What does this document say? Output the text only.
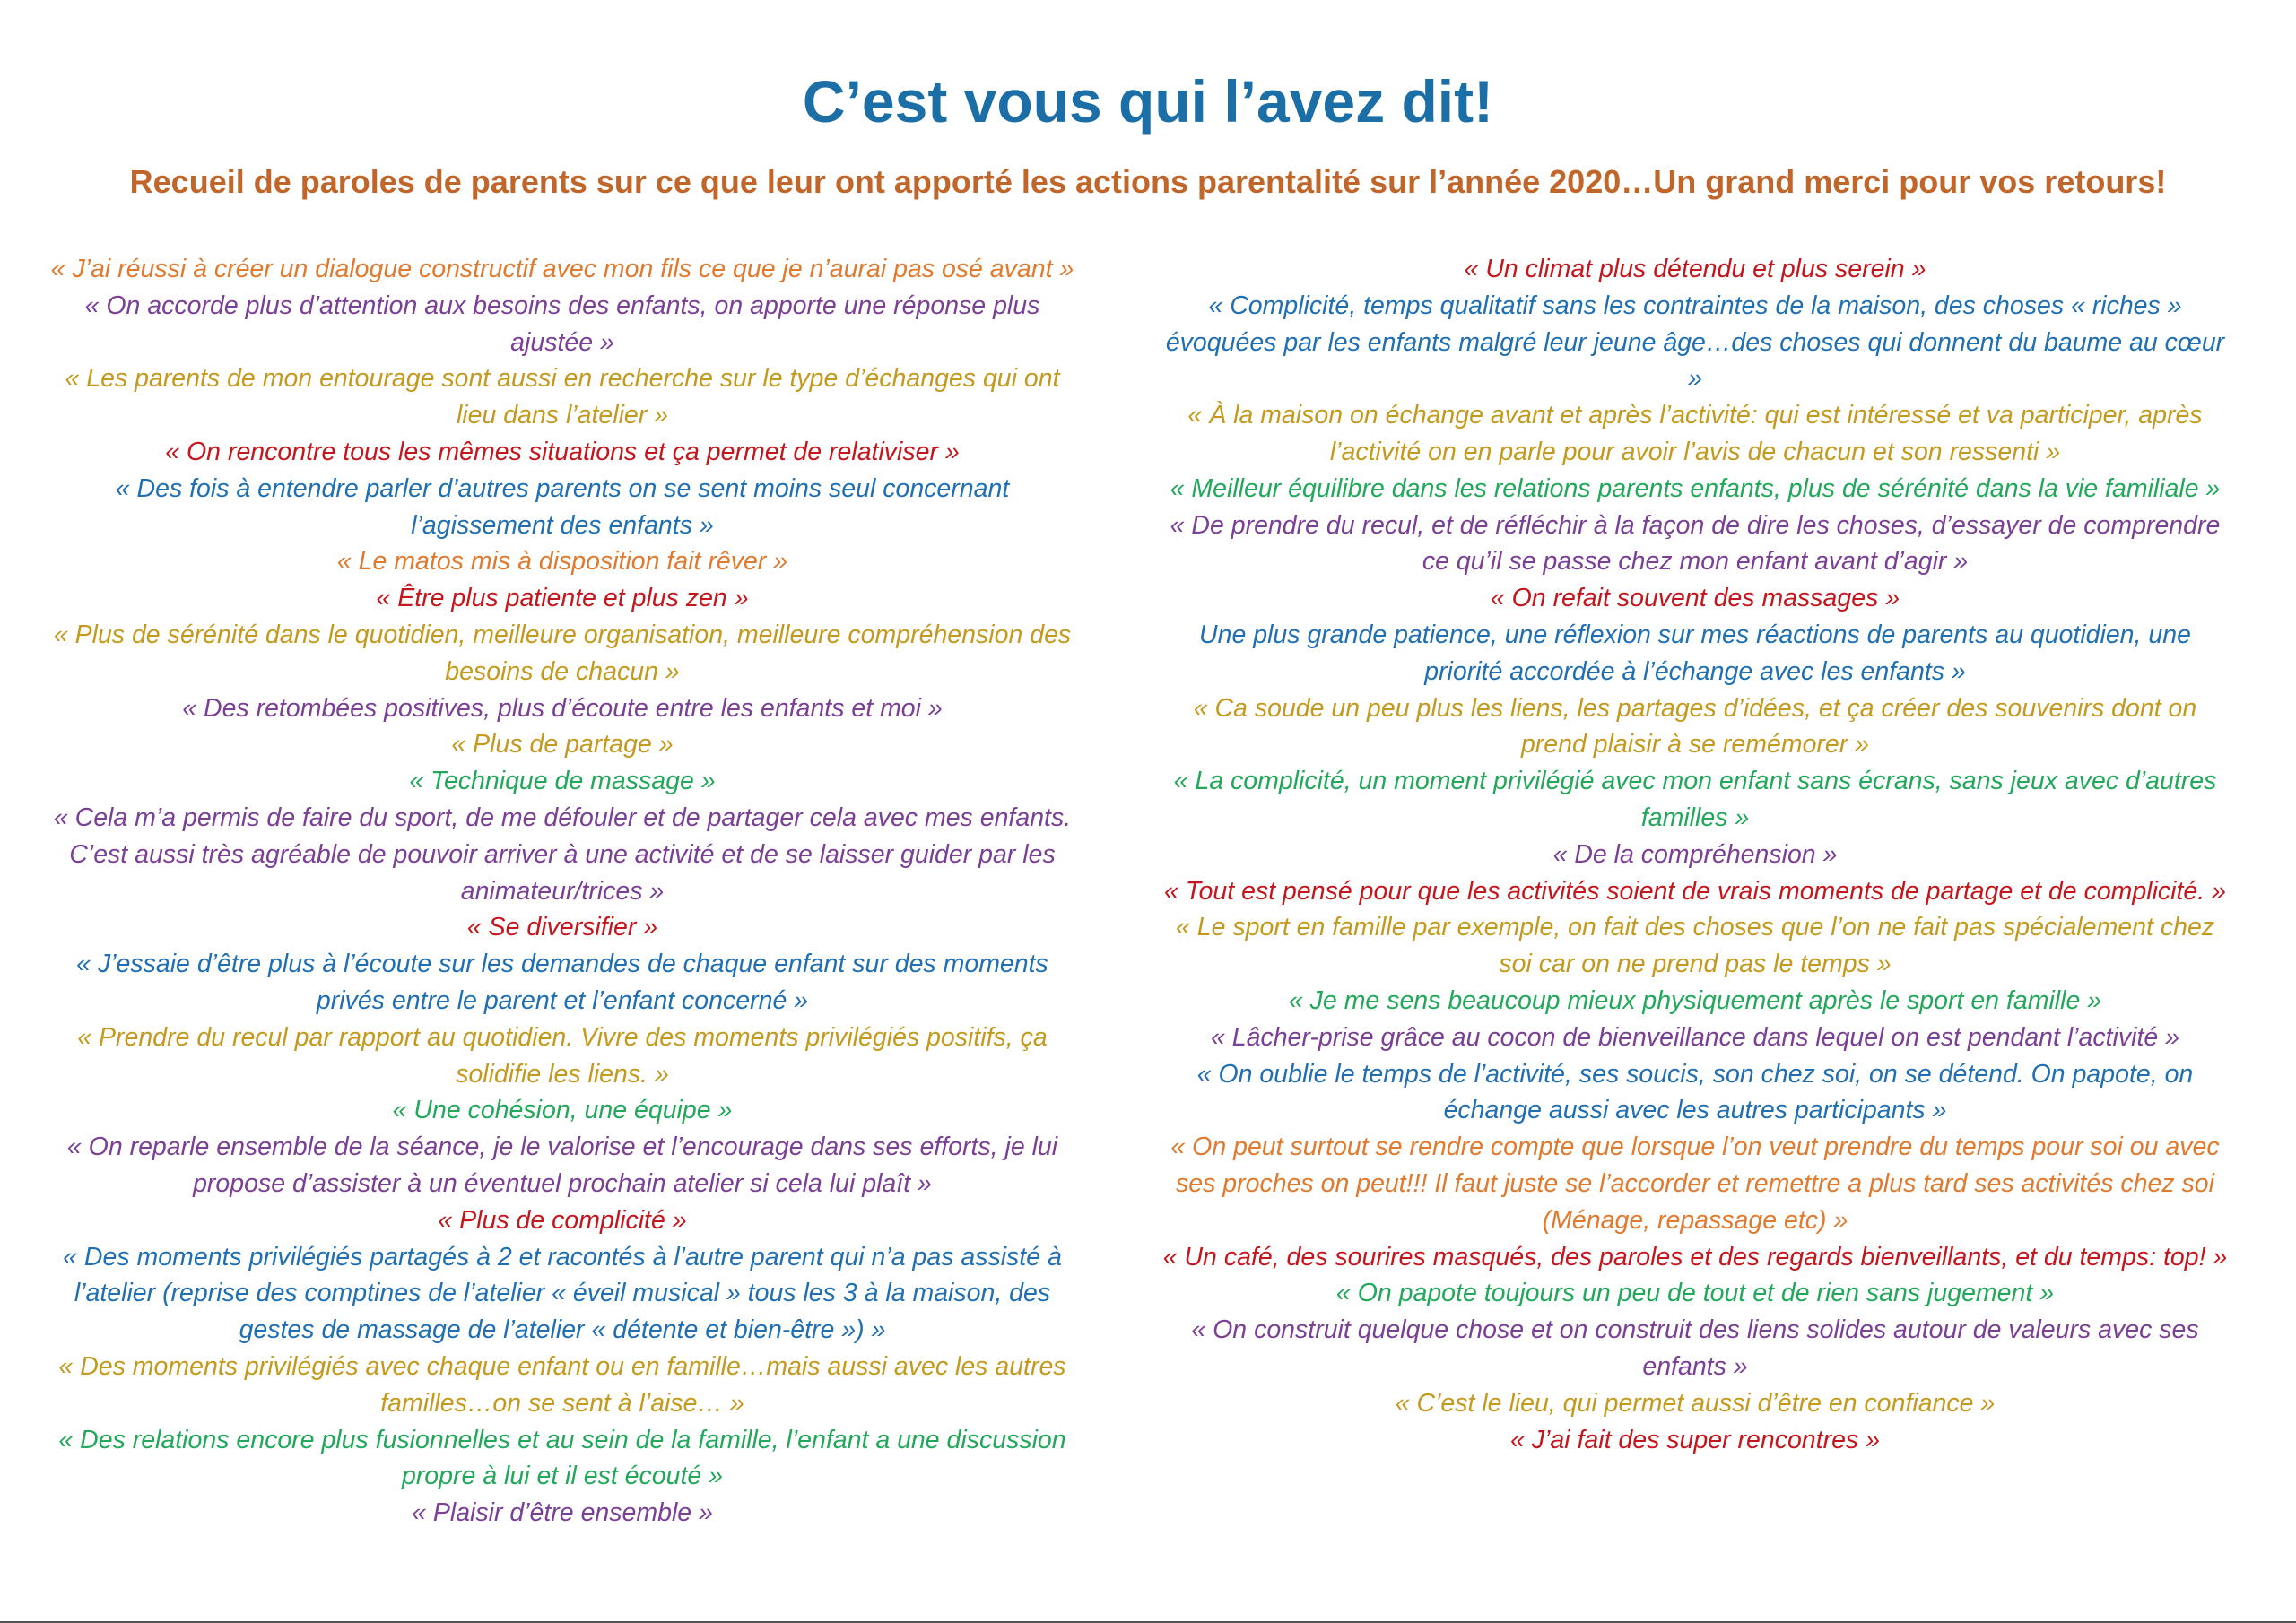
C’est vous qui l’avez dit!
Recueil de paroles de parents sur ce que leur ont apporté les actions parentalité sur l’année 2020…Un grand merci pour vos retours!

« J’ai réussi à créer un dialogue constructif avec mon fils ce que je n’aurai pas osé avant »

« On accorde plus d’attention aux besoins des enfants, on apporte une réponse plus ajustée »

« Les parents de mon entourage sont aussi en recherche sur le type d’échanges qui ont lieu dans l’atelier »

« On rencontre tous les mêmes situations et ça permet de relativiser »

« Des fois à entendre parler d’autres parents on se sent moins seul concernant l’agissement des enfants »

« Le matos mis à disposition fait rêver »

« Être plus patiente et plus zen »

« Plus de sérénité dans le quotidien, meilleure organisation, meilleure compréhension des besoins de chacun »

« Des retombées positives, plus d’écoute entre les enfants et moi »

« Plus de partage »

« Technique de massage »

« Cela m’a permis de faire du sport, de me défouler et de partager cela avec mes enfants. C’est aussi très agréable de pouvoir arriver à une activité et de se laisser guider par les animateur/trices »

« Se diversifier »

« J’essaie d’être plus à l’écoute sur les demandes de chaque enfant sur des moments privés entre le parent et l’enfant concerné »

« Prendre du recul par rapport au quotidien. Vivre des moments privilégiés positifs, ça solidifie les liens. »

« Une cohésion, une équipe »

« On reparle ensemble de la séance, je le valorise et l’encourage dans ses efforts, je lui propose d’assister à un éventuel prochain atelier si cela lui plaît »

« Plus de complicité »

« Des moments privilégiés partagés à 2 et racontés à l’autre parent qui n’a pas assisté à l’atelier (reprise des comptines de l’atelier « éveil musical » tous les 3 à la maison, des gestes de massage de l’atelier « détente et bien-être ») »

« Des moments privilégiés avec chaque enfant ou en famille…mais aussi avec les autres familles…on se sent à l’aise… »

« Des relations encore plus fusionnelles et au sein de la famille, l’enfant a une discussion propre à lui et il est écouté »

« Plaisir d’être ensemble »

« Un climat plus détendu et plus serein »

« Complicité, temps qualitatif sans les contraintes de la maison, des choses « riches » évoquées par les enfants malgré leur jeune âge…des choses qui donnent du baume au cœur »

« À la maison on échange avant et après l’activité: qui est intéressé et va participer, après l’activité on en parle pour avoir l’avis de chacun et son ressenti »

« Meilleur équilibre dans les relations parents enfants, plus de sérénité dans la vie familiale »

« De prendre du recul, et de réfléchir à la façon de dire les choses, d’essayer de comprendre ce qu’il se passe chez mon enfant avant d’agir »

« On refait souvent des massages »

Une plus grande patience, une réflexion sur mes réactions de parents au quotidien, une priorité accordée à l’échange avec les enfants »

« Ca soude un peu plus les liens, les partages d’idées, et ça créer des souvenirs dont on prend plaisir à se remémorer »

« La complicité, un moment privilégié avec mon enfant sans écrans, sans jeux avec d’autres familles »

« De la compréhension »

« Tout est pensé pour que les activités soient de vrais moments de partage et de complicité. »

« Le sport en famille par exemple, on fait des choses que l’on ne fait pas spécialement chez soi car on ne prend pas le temps »

« Je me sens beaucoup mieux physiquement après le sport en famille »

« Lâcher-prise grâce au cocon de bienveillance dans lequel on est pendant l’activité »

« On oublie le temps de l’activité, ses soucis, son chez soi, on se détend. On papote, on échange aussi avec les autres participants »

« On peut surtout se rendre compte que lorsque l’on veut prendre du temps pour soi ou avec ses proches on peut!!! Il faut juste se l’accorder et remettre a plus tard ses activités chez soi (Ménage, repassage etc) »

« Un café, des sourires masqués, des paroles et des regards bienveillants, et du temps: top! »

« On papote toujours un peu de tout et de rien sans jugement »

« On construit quelque chose et on construit des liens solides autour de valeurs avec ses enfants »

« C’est le lieu, qui permet aussi d’être en confiance »

« J’ai fait des super rencontres »
